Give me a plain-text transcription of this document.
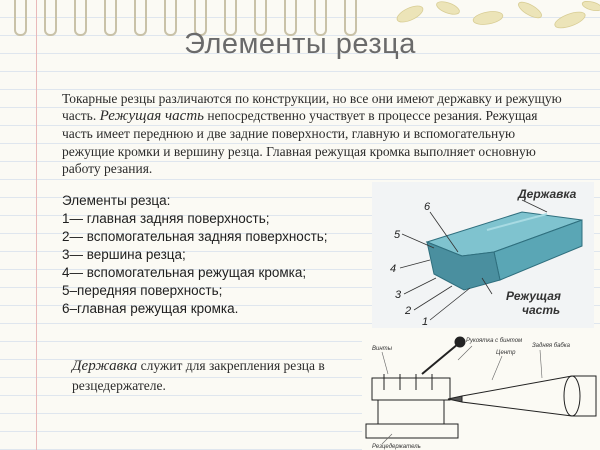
Элементы резца
Токарные резцы различаются по конструкции, но все они имеют державку и режущую часть. Режущая часть непосредственно участвует в процессе резания. Режущая часть имеет переднюю и две задние поверхности, главную и вспомогательную режущие кромки и вершину резца. Главная режущая кромка выполняет основную работу резания.
Элементы резца:
1— главная задняя поверхность;
2— вспомогательная задняя поверхность;
3— вершина резца;
4— вспомогательная режущая кромка;
5–передняя поверхность;
6–главная режущая кромка.
Державка служит для закрепления резца в резцедержателе.
5
4
3
2
1
6
Державка
Режущая
часть
Винты
Рукоятка с бинтом
Центр
Задняя бабка
Резцедержатель
